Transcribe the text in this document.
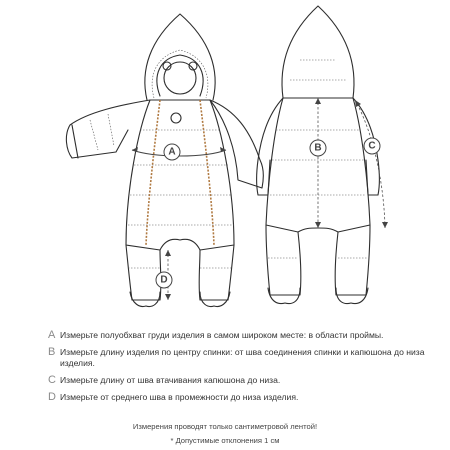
A	B	C
D
A Измерьте полуобхват груди изделия в самом широком месте: в области проймы.
B Измерьте длину изделия по центру спинки: от шва соединения спинки и капюшона до низа изделия.
C Измерьте длину от шва втачивания капюшона до низа.
D Измерьте от среднего шва в промежности до низа изделия.
Измерения проводят только сантиметровой лентой!
* Допустимые отклонения 1 см
